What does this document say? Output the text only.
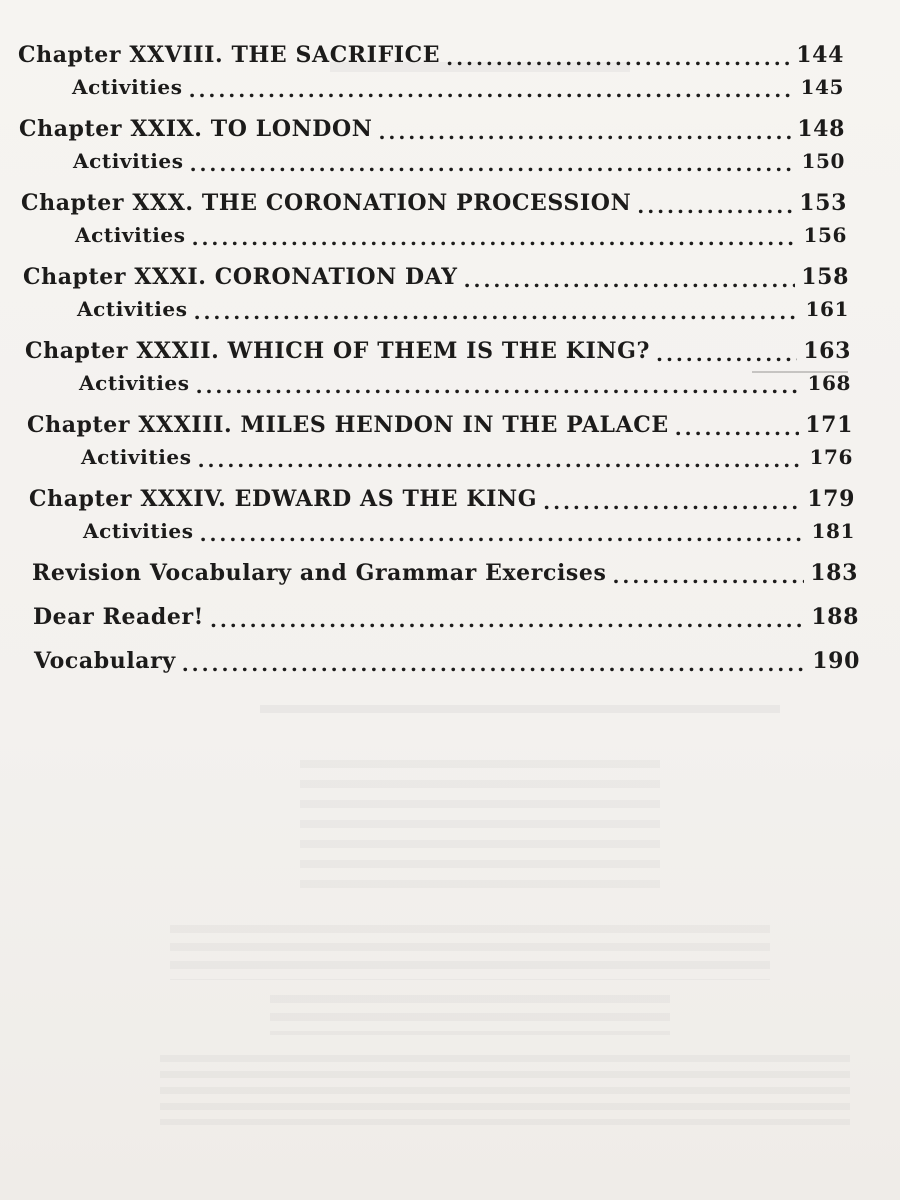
Chapter XXVIII. THE SACRIFICE . . .	144
Activities . . .	145
Chapter XXIX. TO LONDON . . .	148
Activities . . .	150
Chapter XXX. THE CORONATION PROCESSION . . .	153
Activities . . .	156
Chapter XXXI. CORONATION DAY . . .	158
Activities . . .	161
Chapter XXXII. WHICH OF THEM IS THE KING? . . .	163
Activities . . .	168
Chapter XXXIII. MILES HENDON IN THE PALACE . . .	171
Activities . . .	176
Chapter XXXIV. EDWARD AS THE KING . . .	179
Activities . . .	181
Revision Vocabulary and Grammar Exercises . . .	183
Dear Reader! . . .	188
Vocabulary . . .	190
